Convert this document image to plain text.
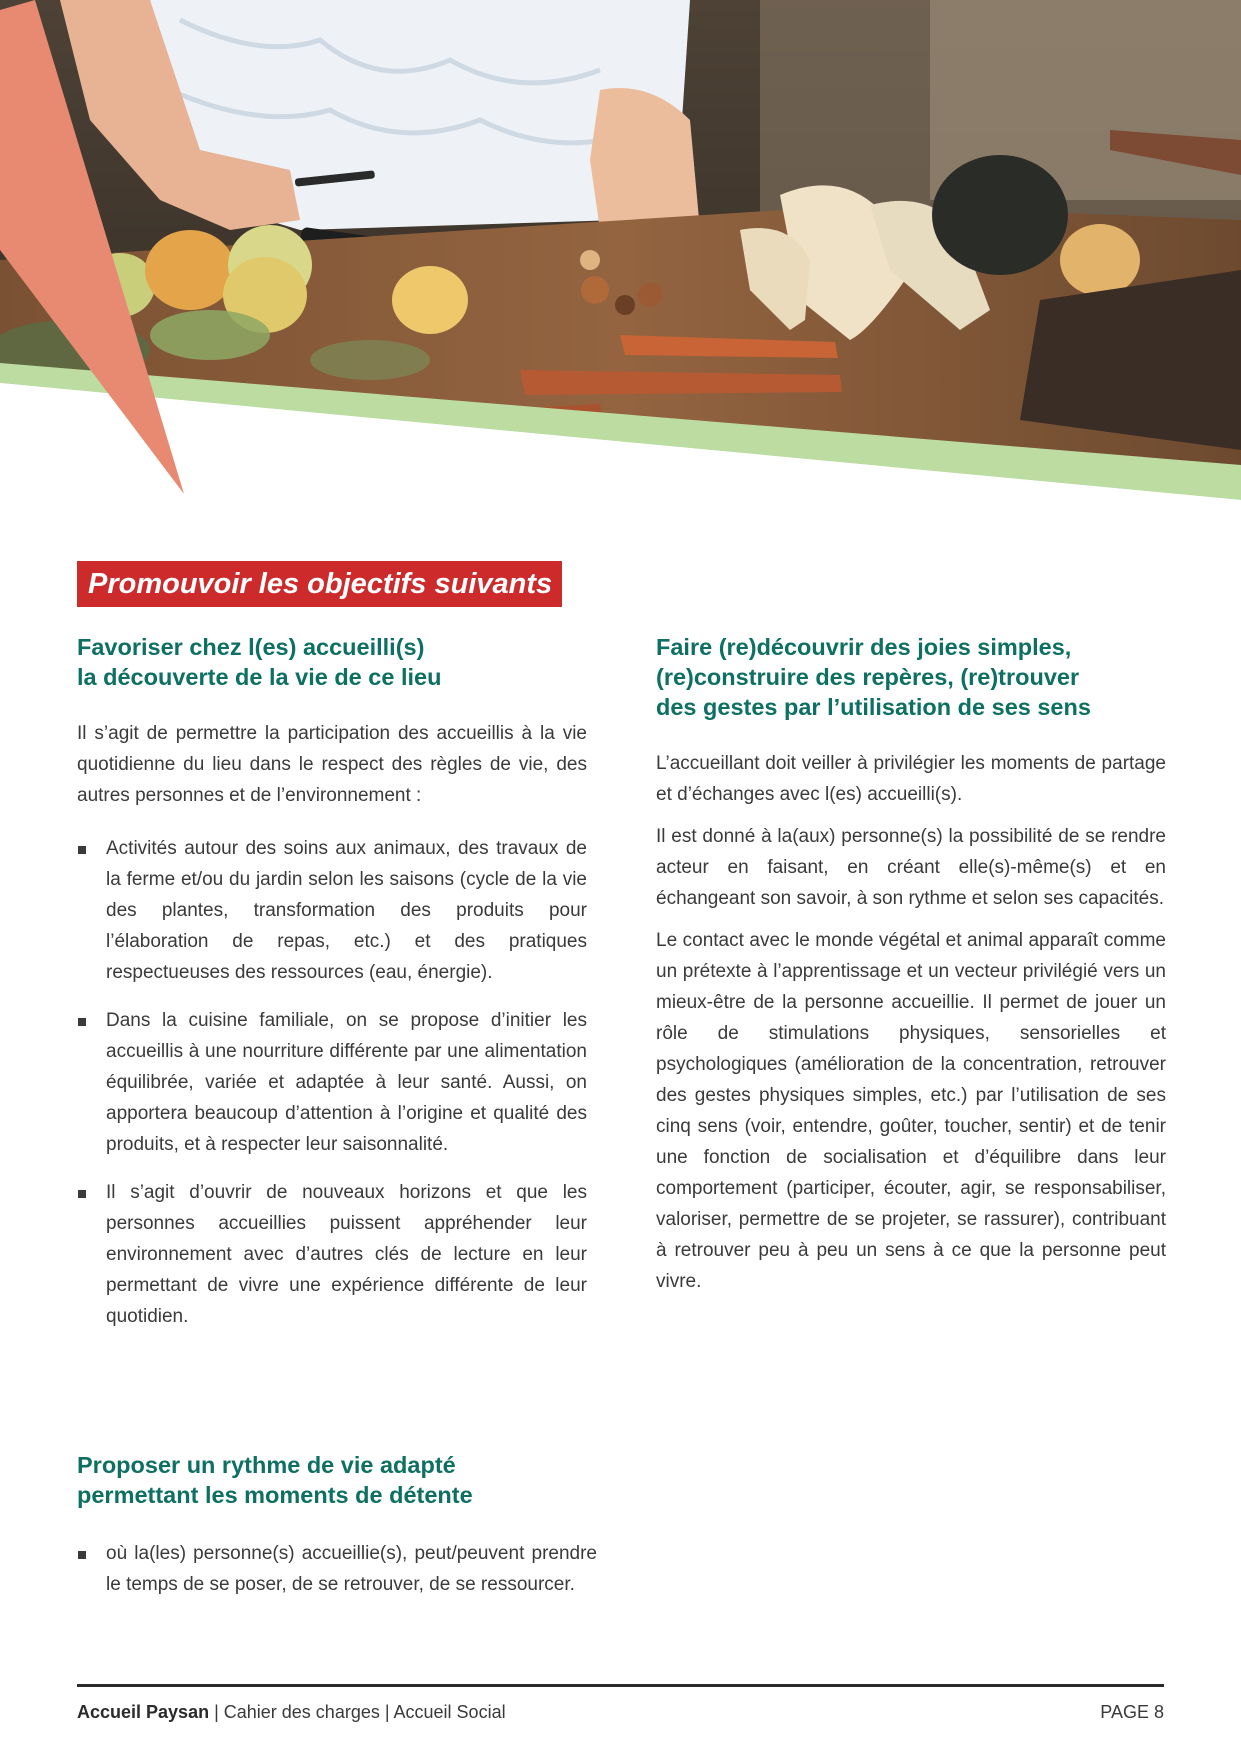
Promouvoir les objectifs suivants
Favoriser chez l(es) accueilli(s)
la découverte de la vie de ce lieu

Il s’agit de permettre la participation des accueillis à la vie quotidienne du lieu dans le respect des règles de vie, des autres personnes et de l’environnement :

Activités autour des soins aux animaux, des travaux de la ferme et/ou du jardin selon les saisons (cycle de la vie des plantes, transformation des produits pour l’élaboration de repas, etc.) et des pratiques respectueuses des ressources (eau, énergie).
Dans la cuisine familiale, on se propose d’initier les accueillis à une nourriture différente par une alimentation équilibrée, variée et adaptée à leur santé. Aussi, on apportera beaucoup d’attention à l’origine et qualité des produits, et à respecter leur saisonnalité.
Il s’agit d’ouvrir de nouveaux horizons et que les personnes accueillies puissent appréhender leur environnement avec d’autres clés de lecture en leur permettant de vivre une expérience différente de leur quotidien.
Proposer un rythme de vie adapté
permettant les moments de détente
où la(les) personne(s) accueillie(s), peut/peuvent prendre le temps de se poser, de se retrouver, de se ressourcer.
Faire (re)découvrir des joies simples,
(re)construire des repères, (re)trouver
des gestes par l’utilisation de ses sens

L’accueillant doit veiller à privilégier les moments de partage et d’échanges avec l(es) accueilli(s).

Il est donné à la(aux) personne(s) la possibilité de se rendre acteur en faisant, en créant elle(s)-même(s) et en échangeant son savoir, à son rythme et selon ses capacités.

Le contact avec le monde végétal et animal apparaît comme un prétexte à l’apprentissage et un vecteur privilégié vers un mieux-être de la personne accueillie. Il permet de jouer un rôle de stimulations physiques, sensorielles et psychologiques (amélioration de la concentration, retrouver des gestes physiques simples, etc.) par l’utilisation de ses cinq sens (voir, entendre, goûter, toucher, sentir) et de tenir une fonction de socialisation et d’équilibre dans leur comportement (participer, écouter, agir, se responsabiliser, valoriser, permettre de se projeter, se rassurer), contribuant à retrouver peu à peu un sens à ce que la personne peut vivre.

Accueil Paysan | Cahier des charges | Accueil Social	PAGE 8
